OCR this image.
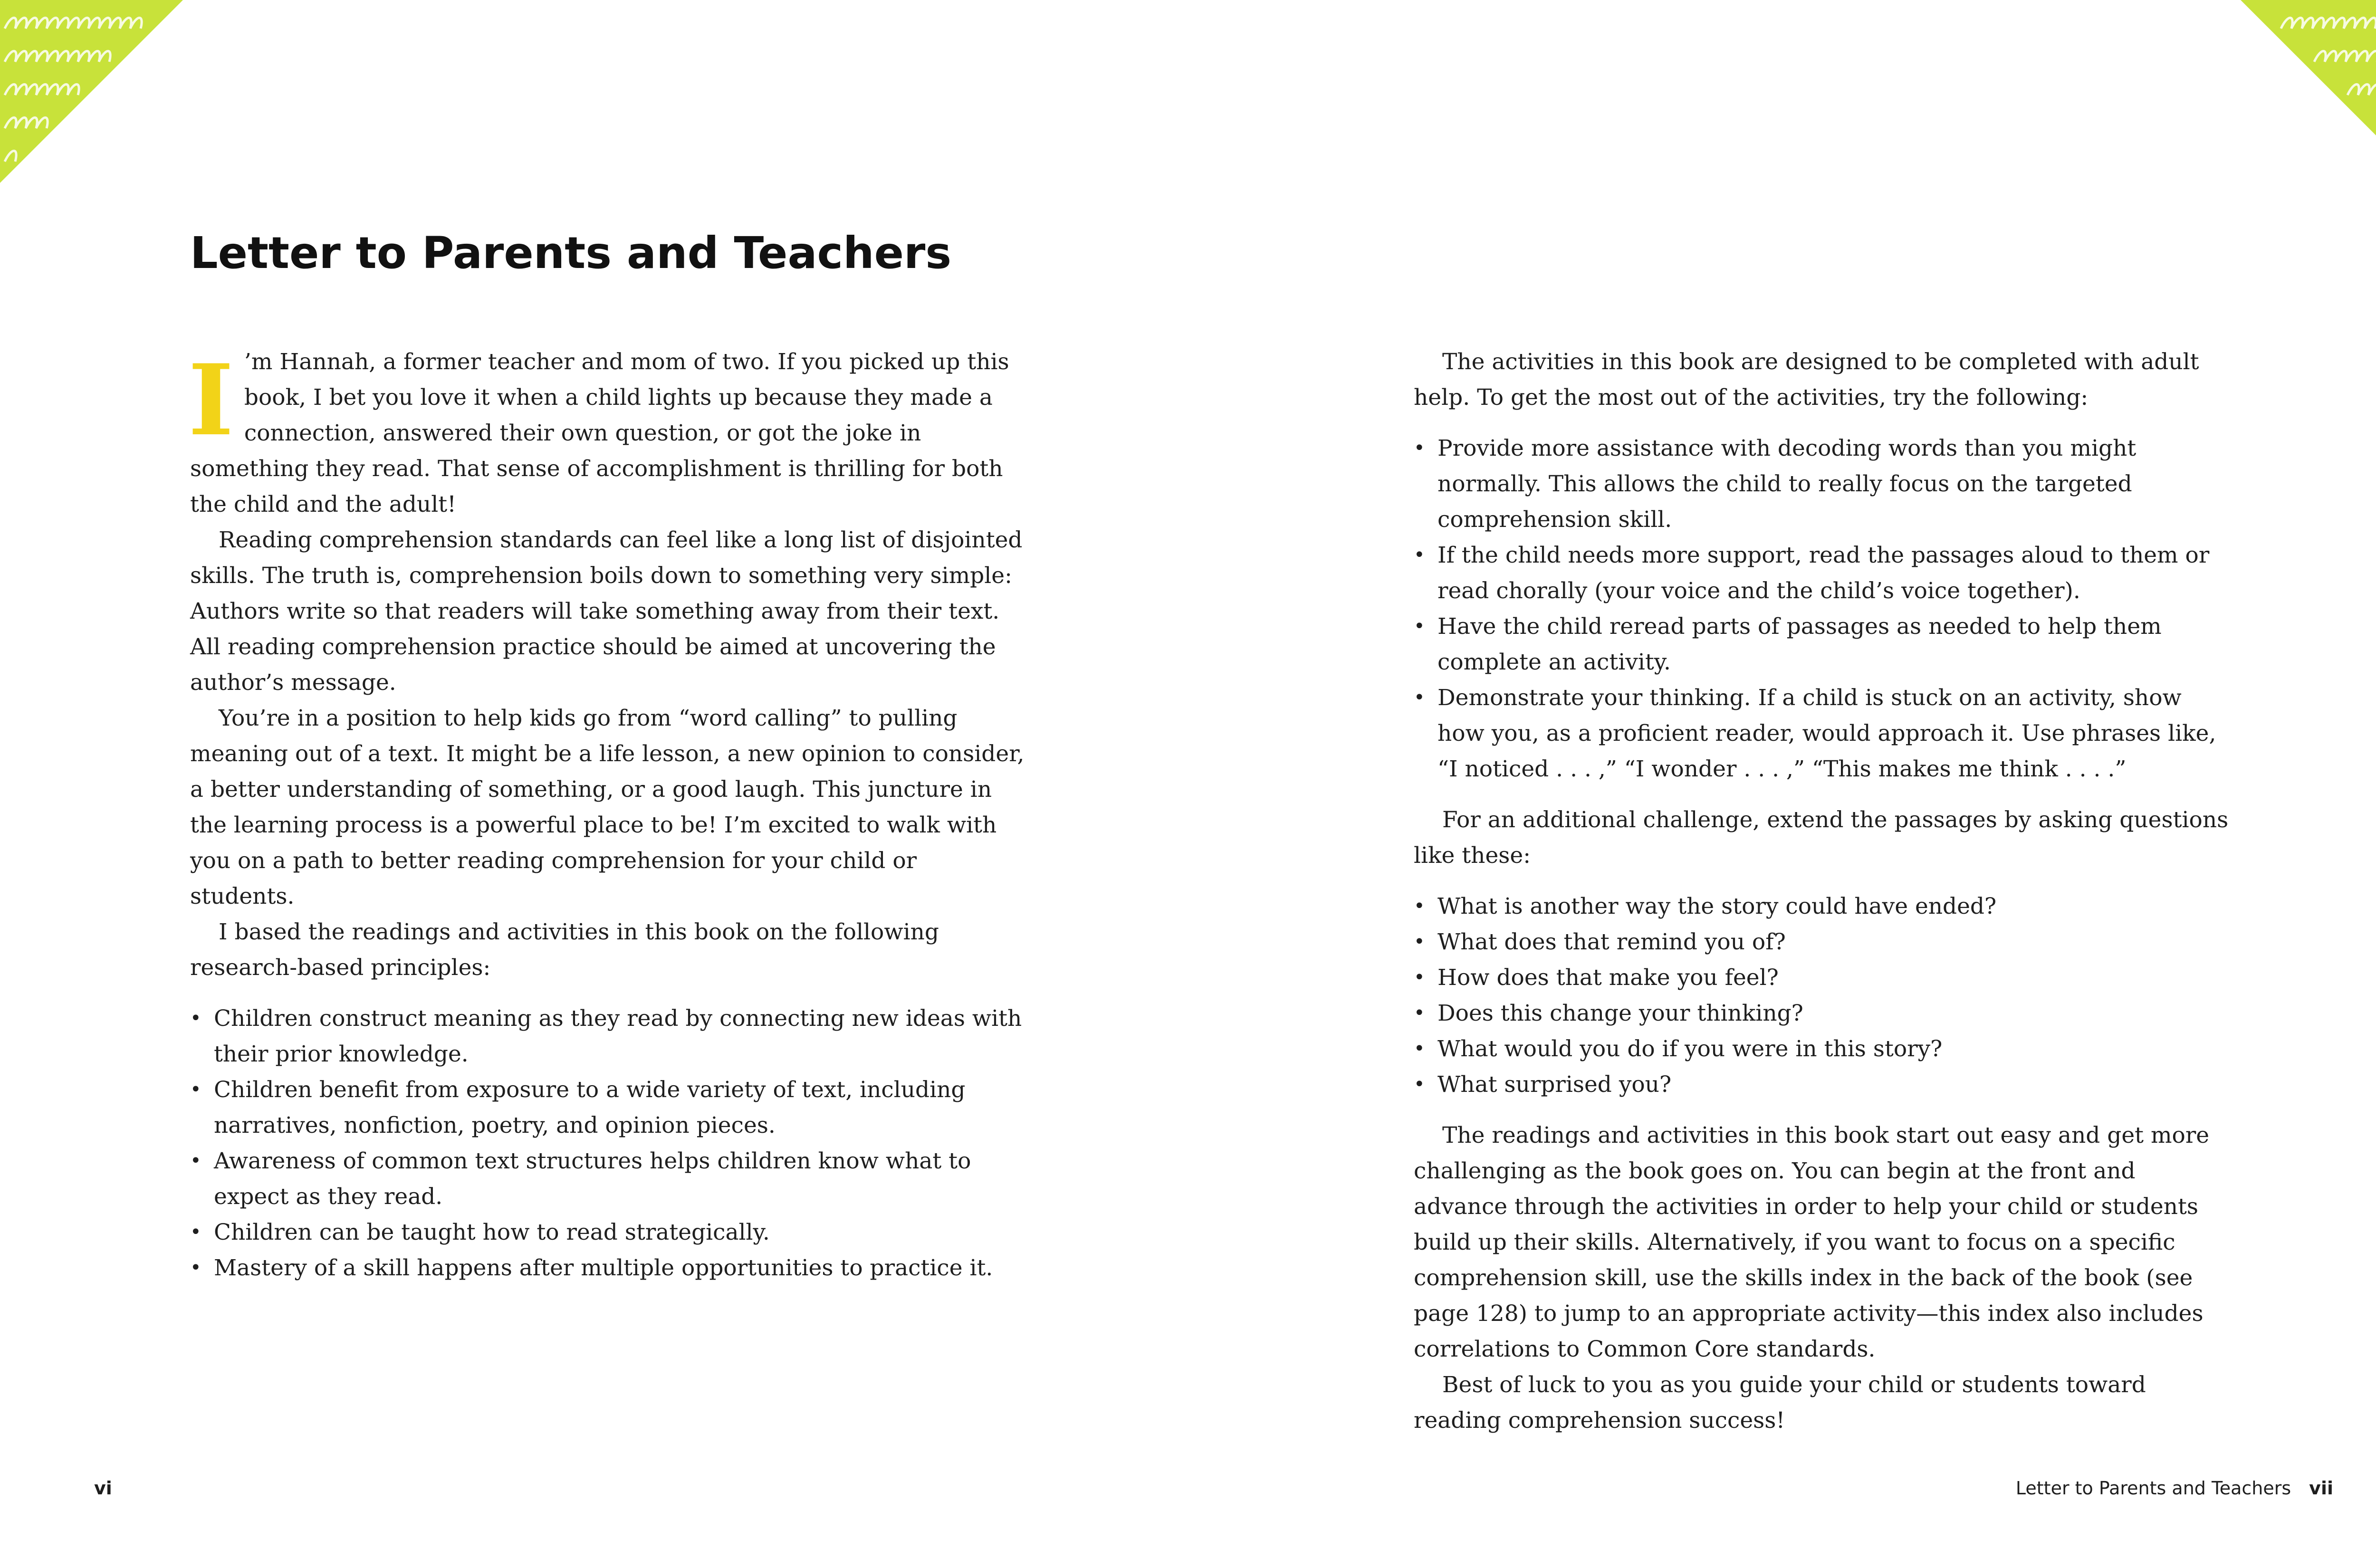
Letter to Parents and Teachers

I ’m Hannah, a former teacher and mom of two. If you picked up this book, I bet you love it when a child lights up because they made a connection, answered their own question, or got the joke in something they read. That sense of accomplishment is thrilling for both the child and the adult!

Reading comprehension standards can feel like a long list of disjointed skills. The truth is, comprehension boils down to something very simple: Authors write so that readers will take something away from their text. All reading comprehension practice should be aimed at uncovering the author’s message.

You’re in a position to help kids go from “word calling” to pulling meaning out of a text. It might be a life lesson, a new opinion to consider, a better understanding of something, or a good laugh. This juncture in the learning process is a powerful place to be! I’m excited to walk with you on a path to better reading comprehension for your child or students.

I based the readings and activities in this book on the following research-based principles:

• Children construct meaning as they read by connecting new ideas with their prior knowledge.
• Children benefit from exposure to a wide variety of text, including narratives, nonfiction, poetry, and opinion pieces.
• Awareness of common text structures helps children know what to expect as they read.
• Children can be taught how to read strategically.
• Mastery of a skill happens after multiple opportunities to practice it.

The activities in this book are designed to be completed with adult help. To get the most out of the activities, try the following:

• Provide more assistance with decoding words than you might normally. This allows the child to really focus on the targeted comprehension skill.
• If the child needs more support, read the passages aloud to them or read chorally (your voice and the child’s voice together).
• Have the child reread parts of passages as needed to help them complete an activity.
• Demonstrate your thinking. If a child is stuck on an activity, show how you, as a proficient reader, would approach it. Use phrases like, “I noticed . . . ,” “I wonder . . . ,” “This makes me think . . . .”

For an additional challenge, extend the passages by asking questions like these:

• What is another way the story could have ended?
• What does that remind you of?
• How does that make you feel?
• Does this change your thinking?
• What would you do if you were in this story?
• What surprised you?

The readings and activities in this book start out easy and get more challenging as the book goes on. You can begin at the front and advance through the activities in order to help your child or students build up their skills. Alternatively, if you want to focus on a specific comprehension skill, use the skills index in the back of the book (see page 128) to jump to an appropriate activity—this index also includes correlations to Common Core standards.

Best of luck to you as you guide your child or students toward reading comprehension success!

vi	Letter to Parents and Teachers vii
